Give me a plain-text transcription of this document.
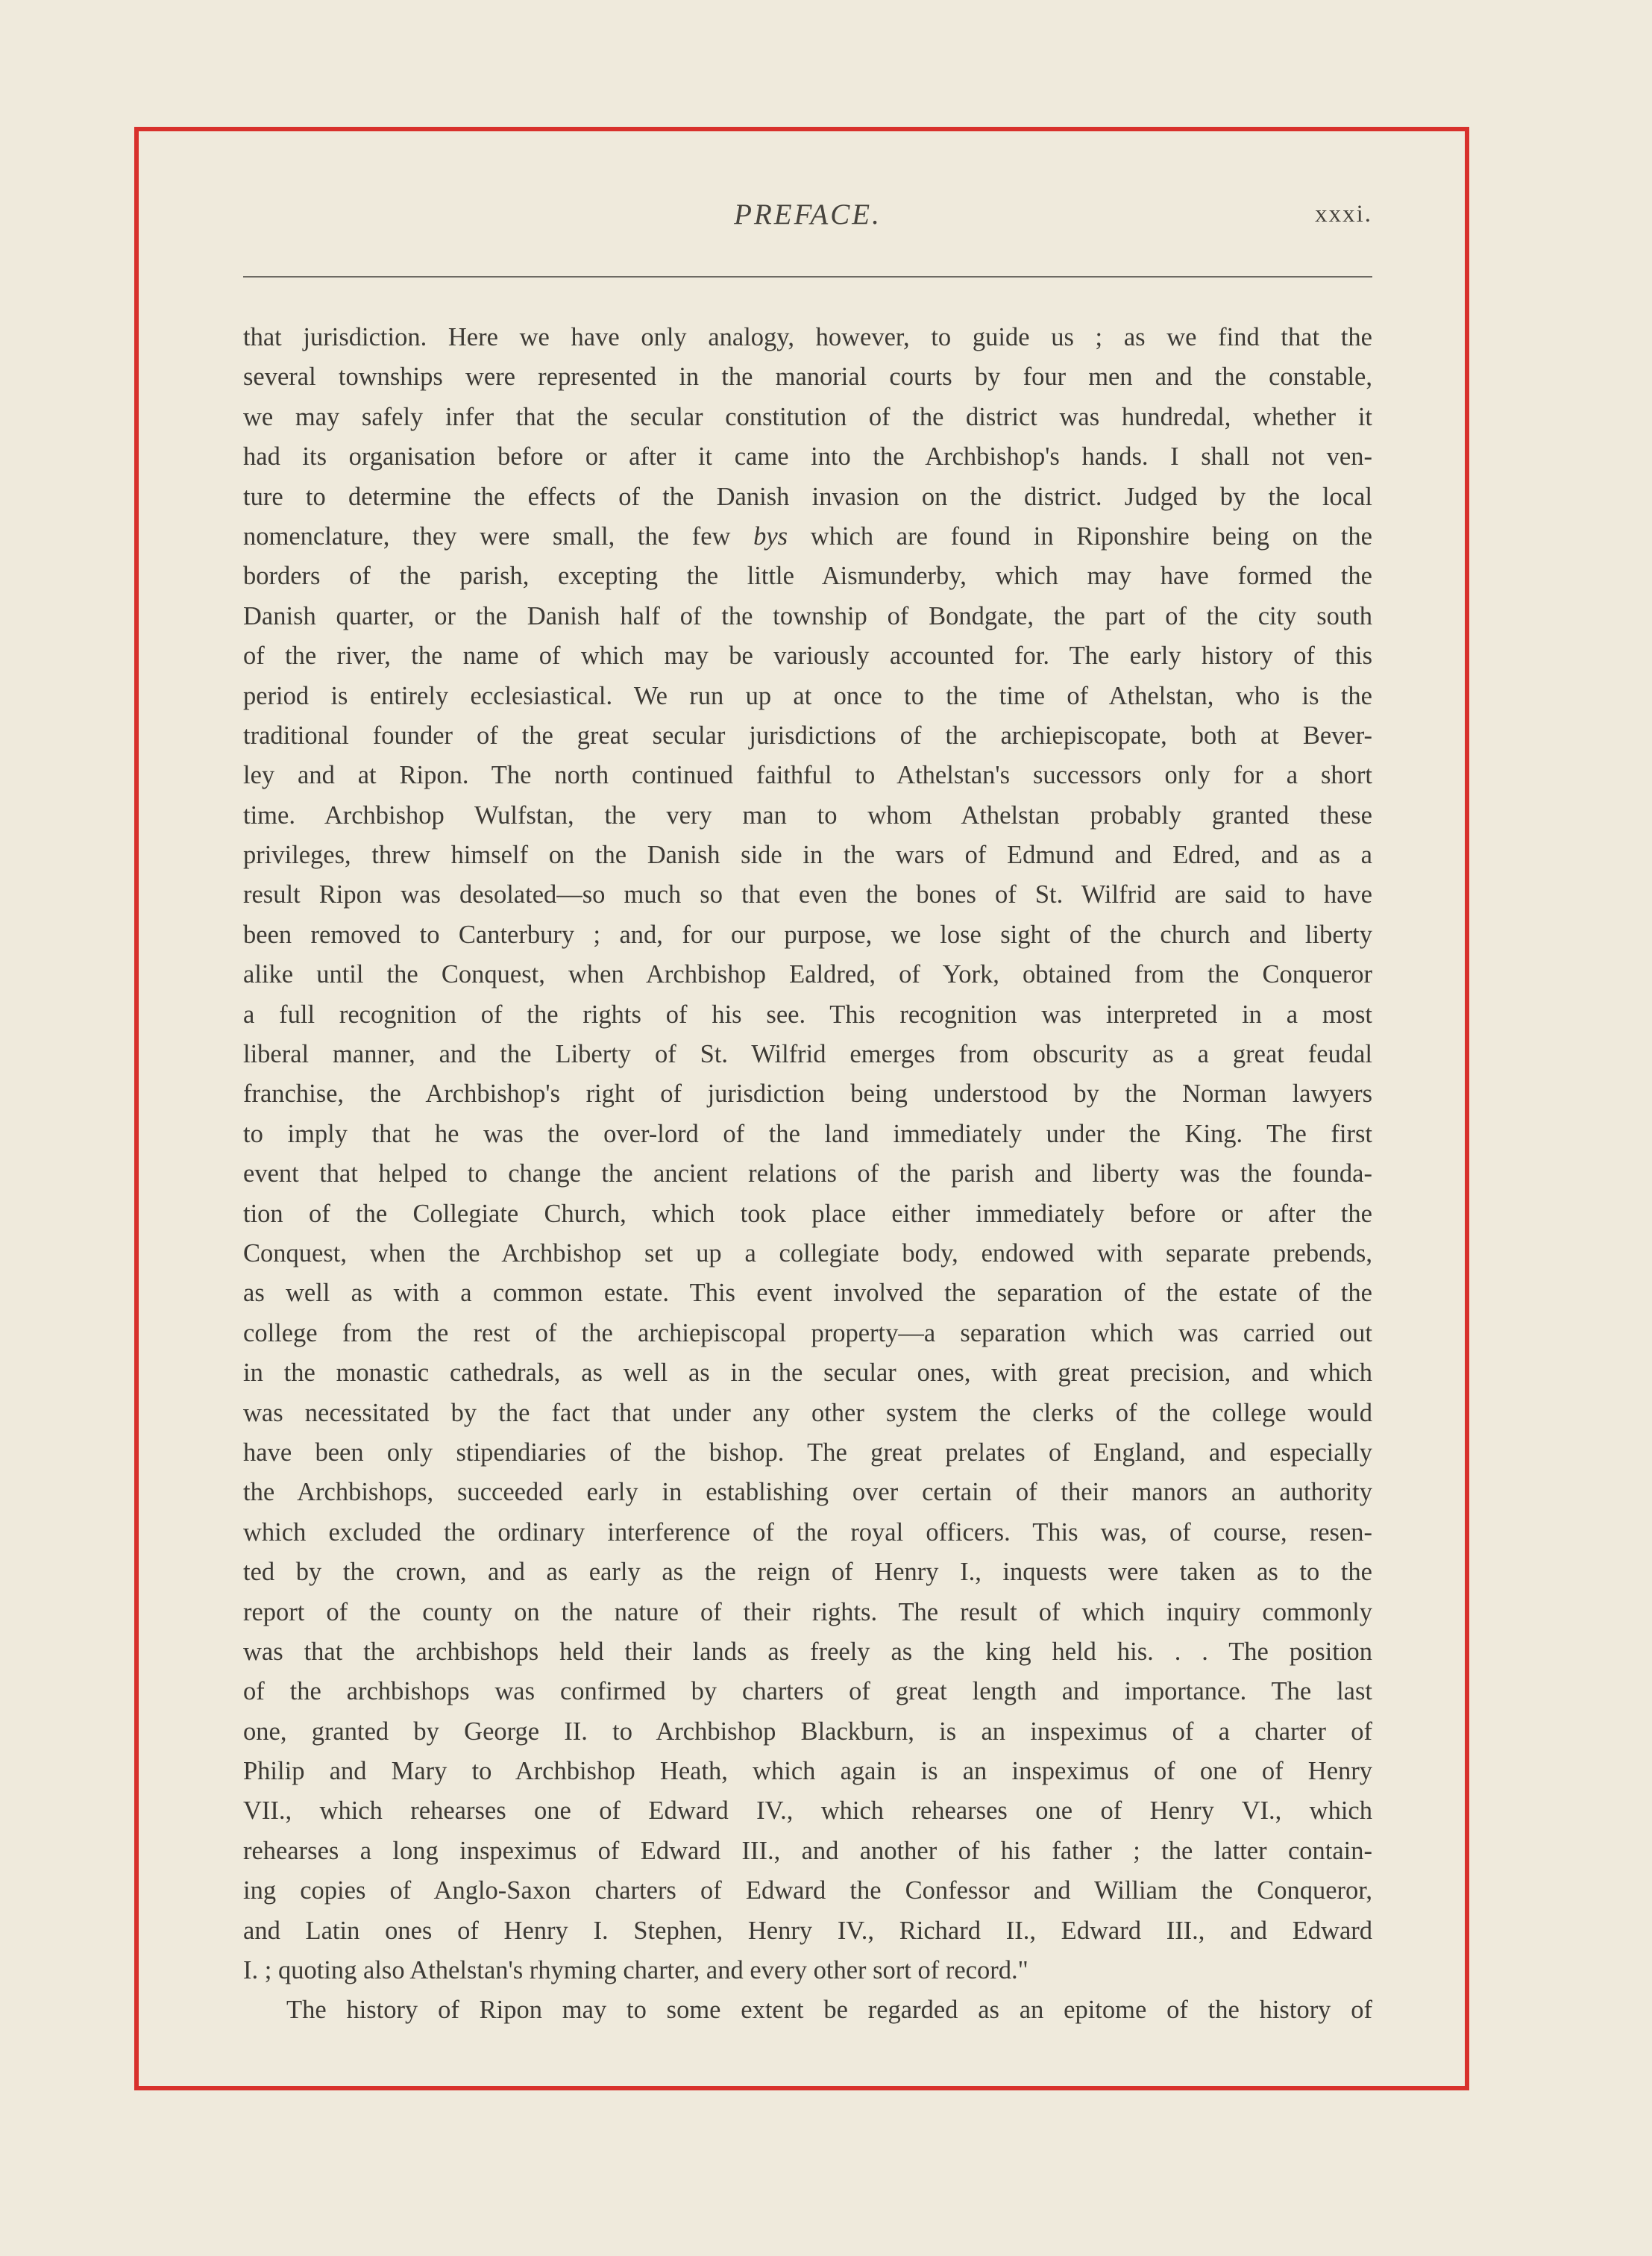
PREFACE.	xxxi.
that jurisdiction. Here we have only analogy, however, to guide us ; as we find that the
several townships were represented in the manorial courts by four men and the constable,
we may safely infer that the secular constitution of the district was hundredal, whether it
had its organisation before or after it came into the Archbishop's hands. I shall not ven-
ture to determine the effects of the Danish invasion on the district. Judged by the local
nomenclature, they were small, the few bys which are found in Riponshire being on the
borders of the parish, excepting the little Aismunderby, which may have formed the
Danish quarter, or the Danish half of the township of Bondgate, the part of the city south
of the river, the name of which may be variously accounted for. The early history of this
period is entirely ecclesiastical. We run up at once to the time of Athelstan, who is the
traditional founder of the great secular jurisdictions of the archiepiscopate, both at Bever-
ley and at Ripon. The north continued faithful to Athelstan's successors only for a short
time. Archbishop Wulfstan, the very man to whom Athelstan probably granted these
privileges, threw himself on the Danish side in the wars of Edmund and Edred, and as a
result Ripon was desolated—so much so that even the bones of St. Wilfrid are said to have
been removed to Canterbury ; and, for our purpose, we lose sight of the church and liberty
alike until the Conquest, when Archbishop Ealdred, of York, obtained from the Conqueror
a full recognition of the rights of his see. This recognition was interpreted in a most
liberal manner, and the Liberty of St. Wilfrid emerges from obscurity as a great feudal
franchise, the Archbishop's right of jurisdiction being understood by the Norman lawyers
to imply that he was the over-lord of the land immediately under the King. The first
event that helped to change the ancient relations of the parish and liberty was the founda-
tion of the Collegiate Church, which took place either immediately before or after the
Conquest, when the Archbishop set up a collegiate body, endowed with separate prebends,
as well as with a common estate. This event involved the separation of the estate of the
college from the rest of the archiepiscopal property—a separation which was carried out
in the monastic cathedrals, as well as in the secular ones, with great precision, and which
was necessitated by the fact that under any other system the clerks of the college would
have been only stipendiaries of the bishop. The great prelates of England, and especially
the Archbishops, succeeded early in establishing over certain of their manors an authority
which excluded the ordinary interference of the royal officers. This was, of course, resen-
ted by the crown, and as early as the reign of Henry I., inquests were taken as to the
report of the county on the nature of their rights. The result of which inquiry commonly
was that the archbishops held their lands as freely as the king held his. . . The position
of the archbishops was confirmed by charters of great length and importance. The last
one, granted by George II. to Archbishop Blackburn, is an inspeximus of a charter of
Philip and Mary to Archbishop Heath, which again is an inspeximus of one of Henry
VII., which rehearses one of Edward IV., which rehearses one of Henry VI., which
rehearses a long inspeximus of Edward III., and another of his father ; the latter contain-
ing copies of Anglo-Saxon charters of Edward the Confessor and William the Conqueror,
and Latin ones of Henry I. Stephen, Henry IV., Richard II., Edward III., and Edward
I. ; quoting also Athelstan's rhyming charter, and every other sort of record."
The history of Ripon may to some extent be regarded as an epitome of the history of
